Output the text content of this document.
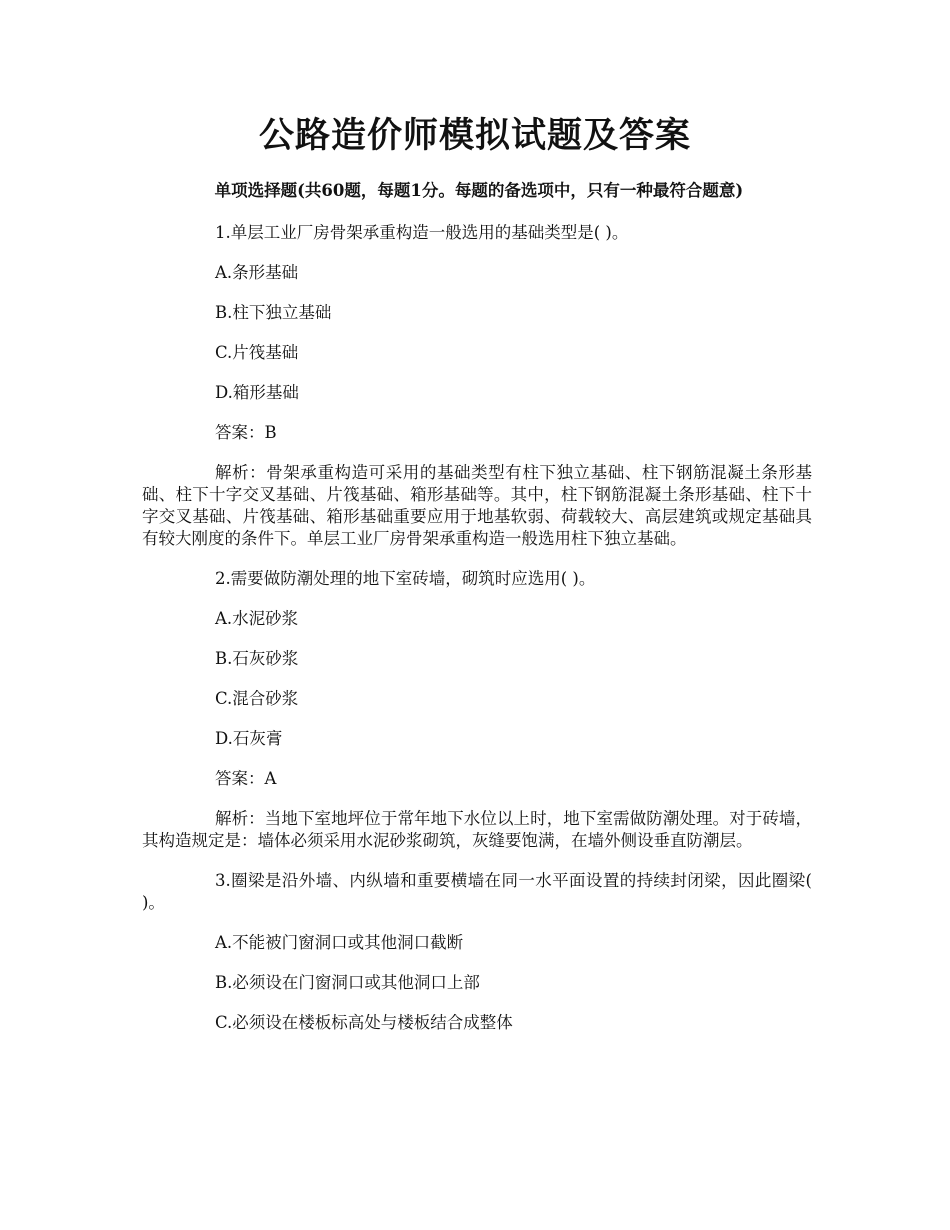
公路造价师模拟试题及答案

单项选择题(共60题，每题1分。每题的备选项中，只有一种最符合题意)

1.单层工业厂房骨架承重构造一般选用的基础类型是( )。

A.条形基础

B.柱下独立基础

C.片筏基础

D.箱形基础

答案：B

解析：骨架承重构造可采用的基础类型有柱下独立基础、柱下钢筋混凝土条形基础、柱下十字交叉基础、片筏基础、箱形基础等。其中，柱下钢筋混凝土条形基础、柱下十字交叉基础、片筏基础、箱形基础重要应用于地基软弱、荷载较大、高层建筑或规定基础具有较大刚度的条件下。单层工业厂房骨架承重构造一般选用柱下独立基础。

2.需要做防潮处理的地下室砖墙，砌筑时应选用( )。

A.水泥砂浆

B.石灰砂浆

C.混合砂浆

D.石灰膏

答案：A

解析：当地下室地坪位于常年地下水位以上时，地下室需做防潮处理。对于砖墙，其构造规定是：墙体必须采用水泥砂浆砌筑，灰缝要饱满，在墙外侧设垂直防潮层。

3.圈梁是沿外墙、内纵墙和重要横墙在同一水平面设置的持续封闭梁，因此圈梁( )。

A.不能被门窗洞口或其他洞口截断

B.必须设在门窗洞口或其他洞口上部

C.必须设在楼板标高处与楼板结合成整体
